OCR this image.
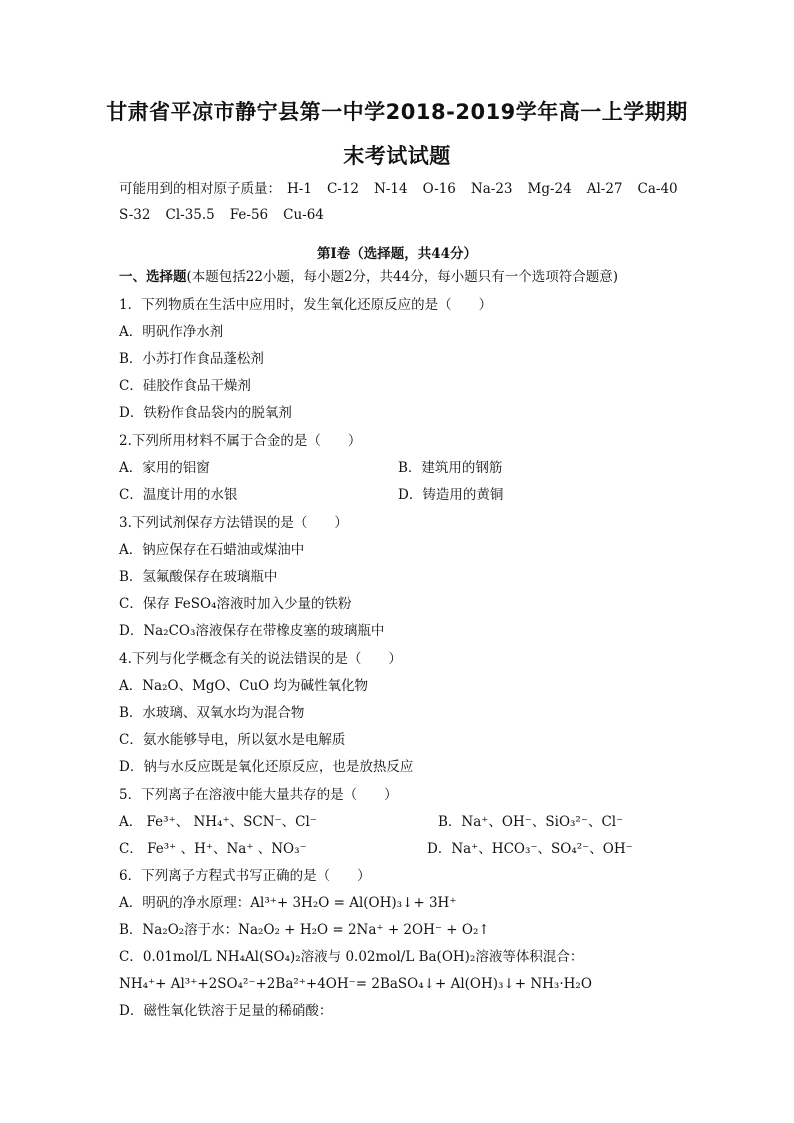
甘肃省平凉市静宁县第一中学2018-2019学年高一上学期期
末考试试题
可能用到的相对原子质量： H-1 C-12 N-14 O-16 Na-23 Mg-24 Al-27 Ca-40
S-32 Cl-35.5 Fe-56 Cu-64
第Ⅰ卷（选择题，共44分）
一、选择题(本题包括22小题，每小题2分，共44分，每小题只有一个选项符合题意)
1．下列物质在生活中应用时，发生氧化还原反应的是（　　）
A．明矾作净水剂
B．小苏打作食品蓬松剂
C．硅胶作食品干燥剂
D．铁粉作食品袋内的脱氧剂
2.下列所用材料不属于合金的是（　　）
A．家用的铝窗	B．建筑用的钢筋
C．温度计用的水银	D．铸造用的黄铜
3.下列试剂保存方法错误的是（　　）
A．钠应保存在石蜡油或煤油中
B．氢氟酸保存在玻璃瓶中
C．保存 FeSO₄溶液时加入少量的铁粉
D．Na₂CO₃溶液保存在带橡皮塞的玻璃瓶中
4.下列与化学概念有关的说法错误的是（　　）
A．Na₂O、MgO、CuO 均为碱性氧化物
B．水玻璃、双氧水均为混合物
C．氨水能够导电，所以氨水是电解质
D．钠与水反应既是氧化还原反应，也是放热反应
5．下列离子在溶液中能大量共存的是（　　）
A． Fe³⁺、 NH₄⁺、SCN⁻、Cl⁻	B．Na⁺、OH⁻、SiO₃²⁻、Cl⁻
C． Fe³⁺ 、H⁺、Na⁺ 、NO₃⁻	D．Na⁺、HCO₃⁻、SO₄²⁻、OH⁻
6．下列离子方程式书写正确的是（　　）
A．明矾的净水原理：Al³⁺+ 3H₂O = Al(OH)₃↓+ 3H⁺
B．Na₂O₂溶于水：Na₂O₂ + H₂O = 2Na⁺ + 2OH⁻ + O₂↑
C．0.01mol/L NH₄Al(SO₄)₂溶液与 0.02mol/L Ba(OH)₂溶液等体积混合：
NH₄⁺+ Al³⁺+2SO₄²⁻+2Ba²⁺+4OH⁻= 2BaSO₄↓+ Al(OH)₃↓+ NH₃·H₂O
D．磁性氧化铁溶于足量的稀硝酸：
